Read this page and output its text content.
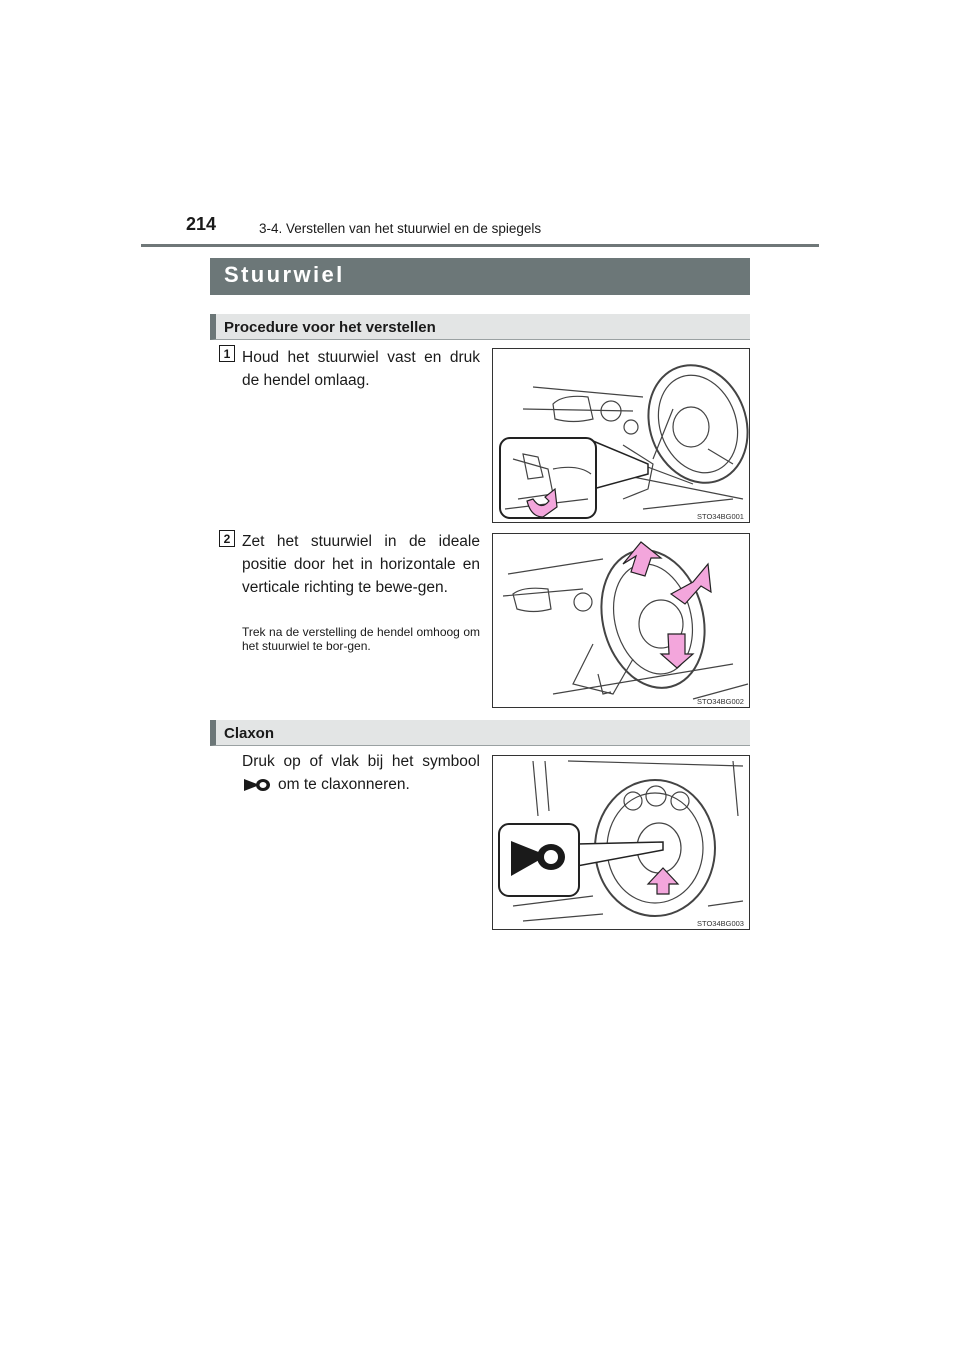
214	3-4. Verstellen van het stuurwiel en de spiegels
Stuurwiel
Procedure voor het verstellen
1 Houd het stuurwiel vast en druk de hendel omlaag.
STO34BG001
2 Zet het stuurwiel in de ideale positie door het in horizontale en verticale richting te bewe-gen.
Trek na de verstelling de hendel omhoog om het stuurwiel te bor-gen.
STO34BG002
Claxon
Druk op of vlak bij het symbool
om te claxonneren.
STO34BG003
